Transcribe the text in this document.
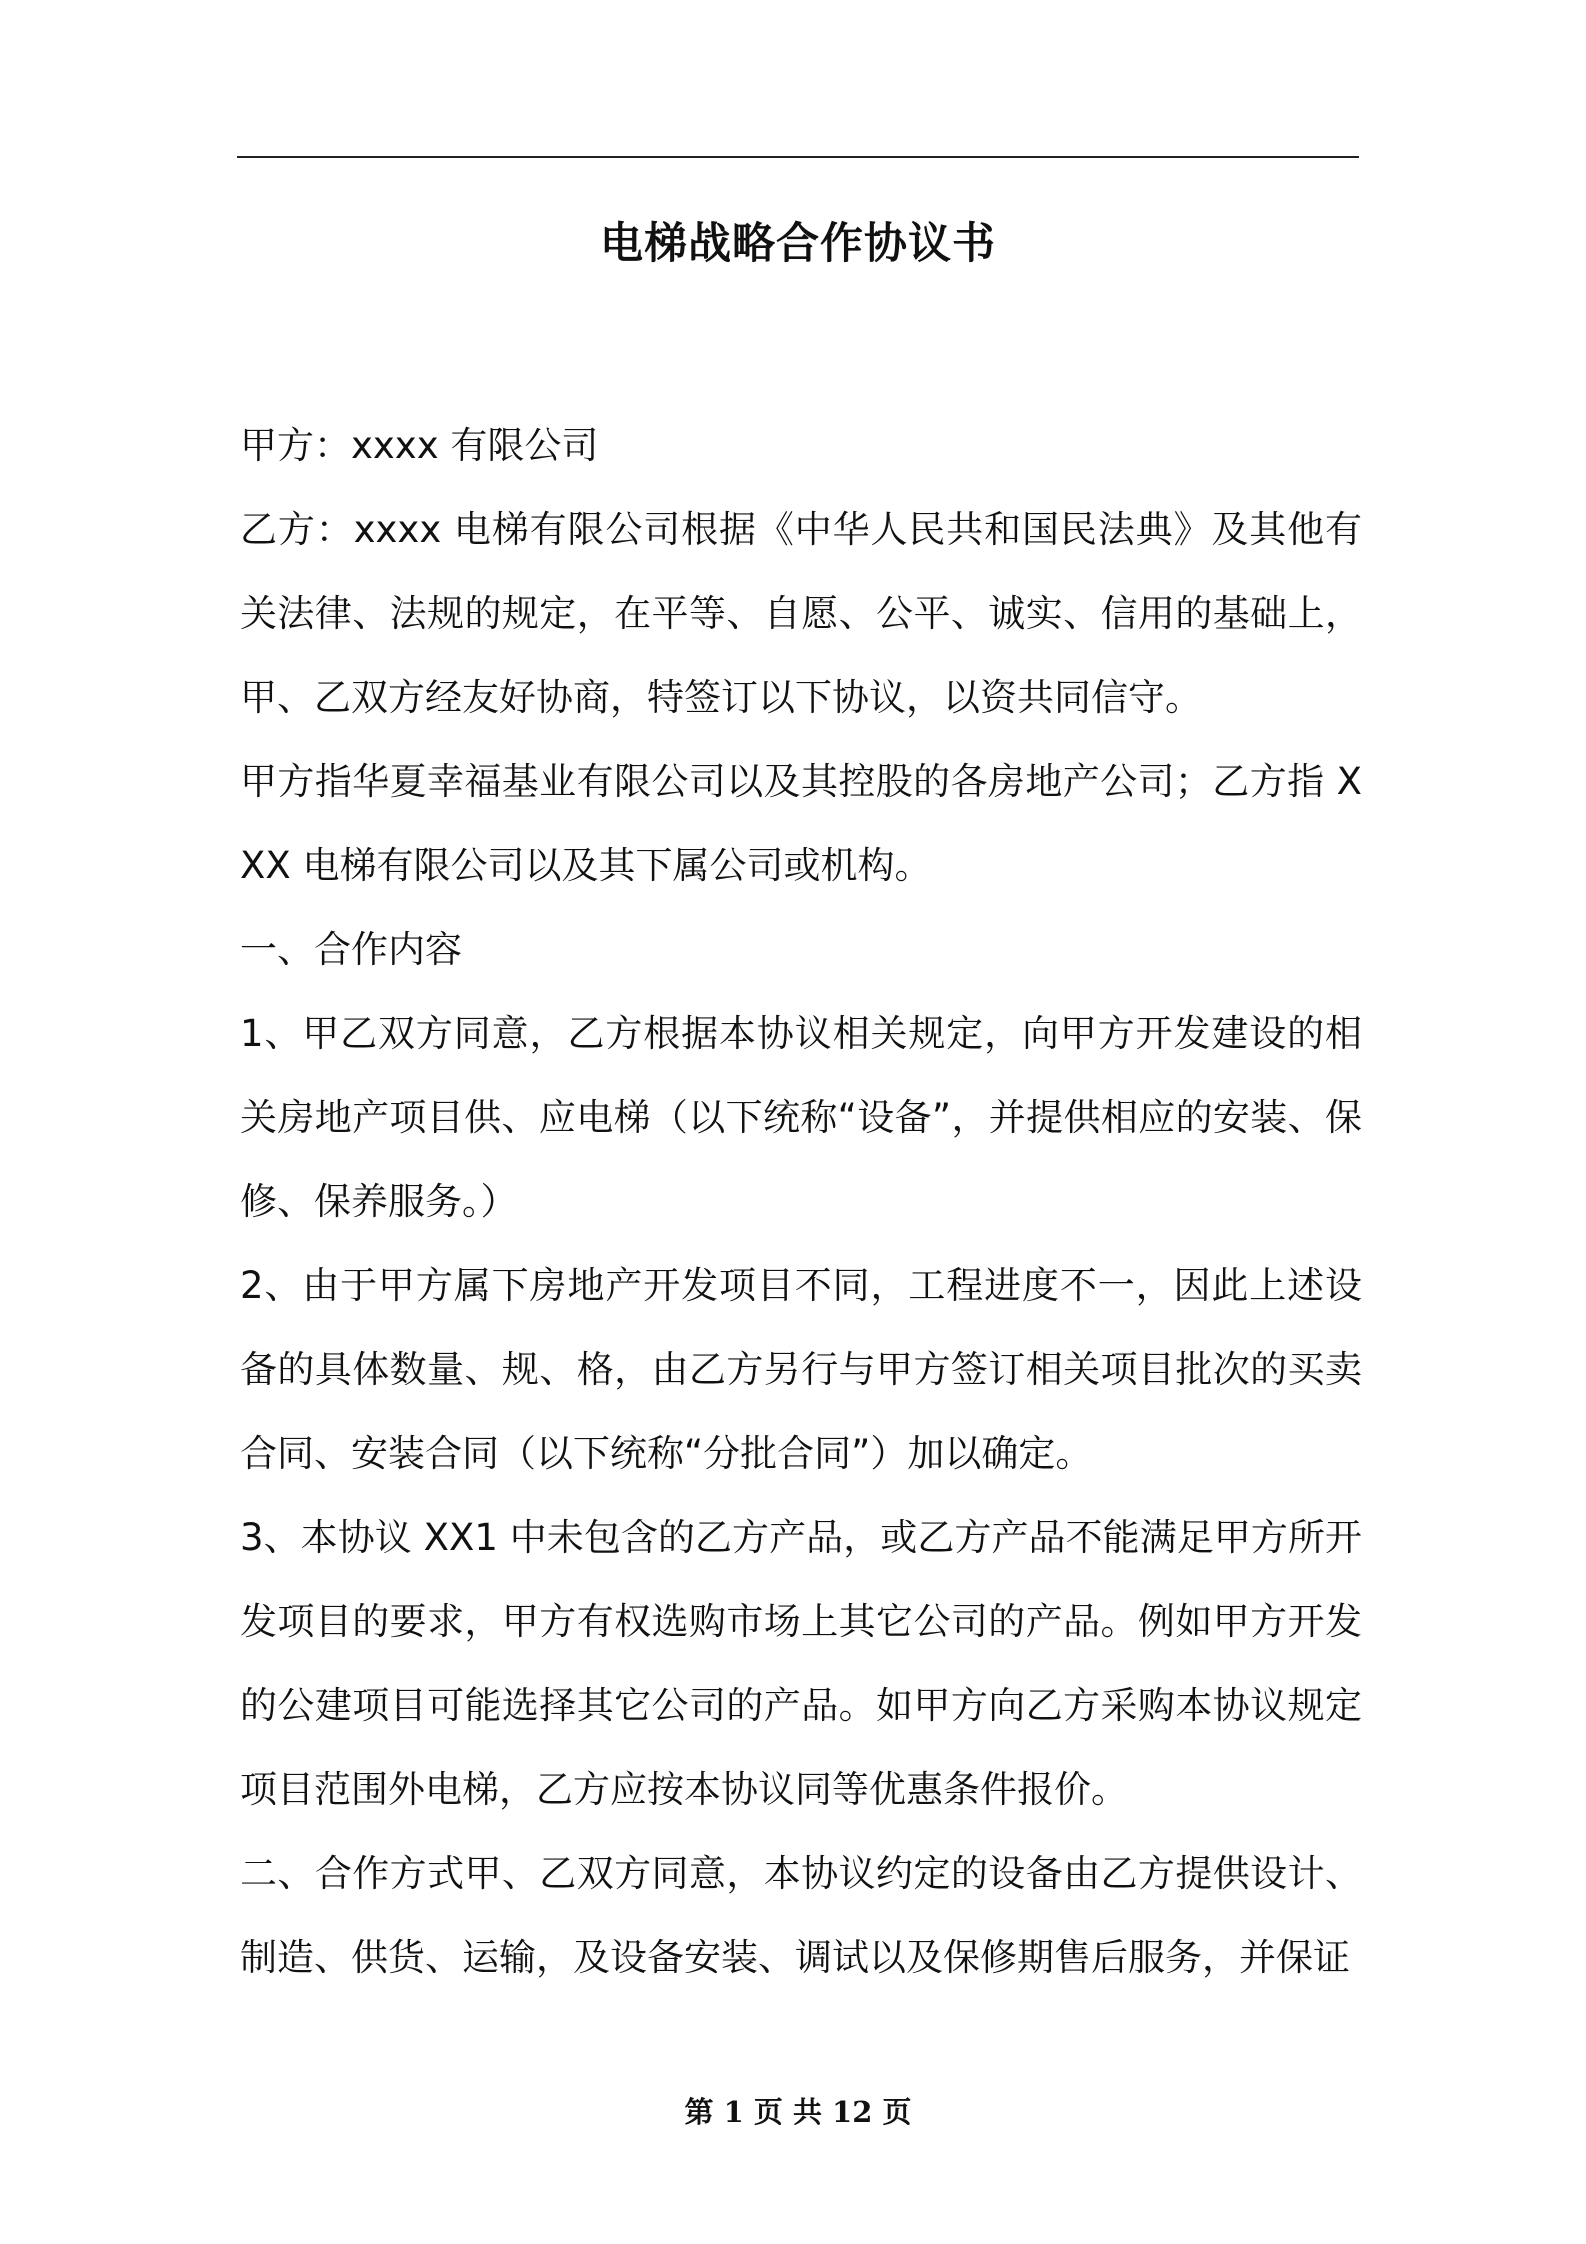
电梯战略合作协议书

甲方：xxxx 有限公司

乙方：xxxx 电梯有限公司根据《中华人民共和国民法典》及其他有关法律、法规的规定，在平等、自愿、公平、诚实、信用的基础上，甲、乙双方经友好协商，特签订以下协议，以资共同信守。

甲方指华夏幸福基业有限公司以及其控股的各房地产公司；乙方指 XXX 电梯有限公司以及其下属公司或机构。

一、合作内容

1、甲乙双方同意，乙方根据本协议相关规定，向甲方开发建设的相关房地产项目供、应电梯（以下统称“设备”，并提供相应的安装、保修、保养服务。）

2、由于甲方属下房地产开发项目不同，工程进度不一，因此上述设备的具体数量、规、格，由乙方另行与甲方签订相关项目批次的买卖合同、安装合同（以下统称“分批合同”）加以确定。

3、本协议 XX1 中未包含的乙方产品，或乙方产品不能满足甲方所开发项目的要求，甲方有权选购市场上其它公司的产品。例如甲方开发的公建项目可能选择其它公司的产品。如甲方向乙方采购本协议规定项目范围外电梯，乙方应按本协议同等优惠条件报价。

二、合作方式甲、乙双方同意，本协议约定的设备由乙方提供设计、制造、供货、运输，及设备安装、调试以及保修期售后服务，并保证

第 1 页 共 12 页
